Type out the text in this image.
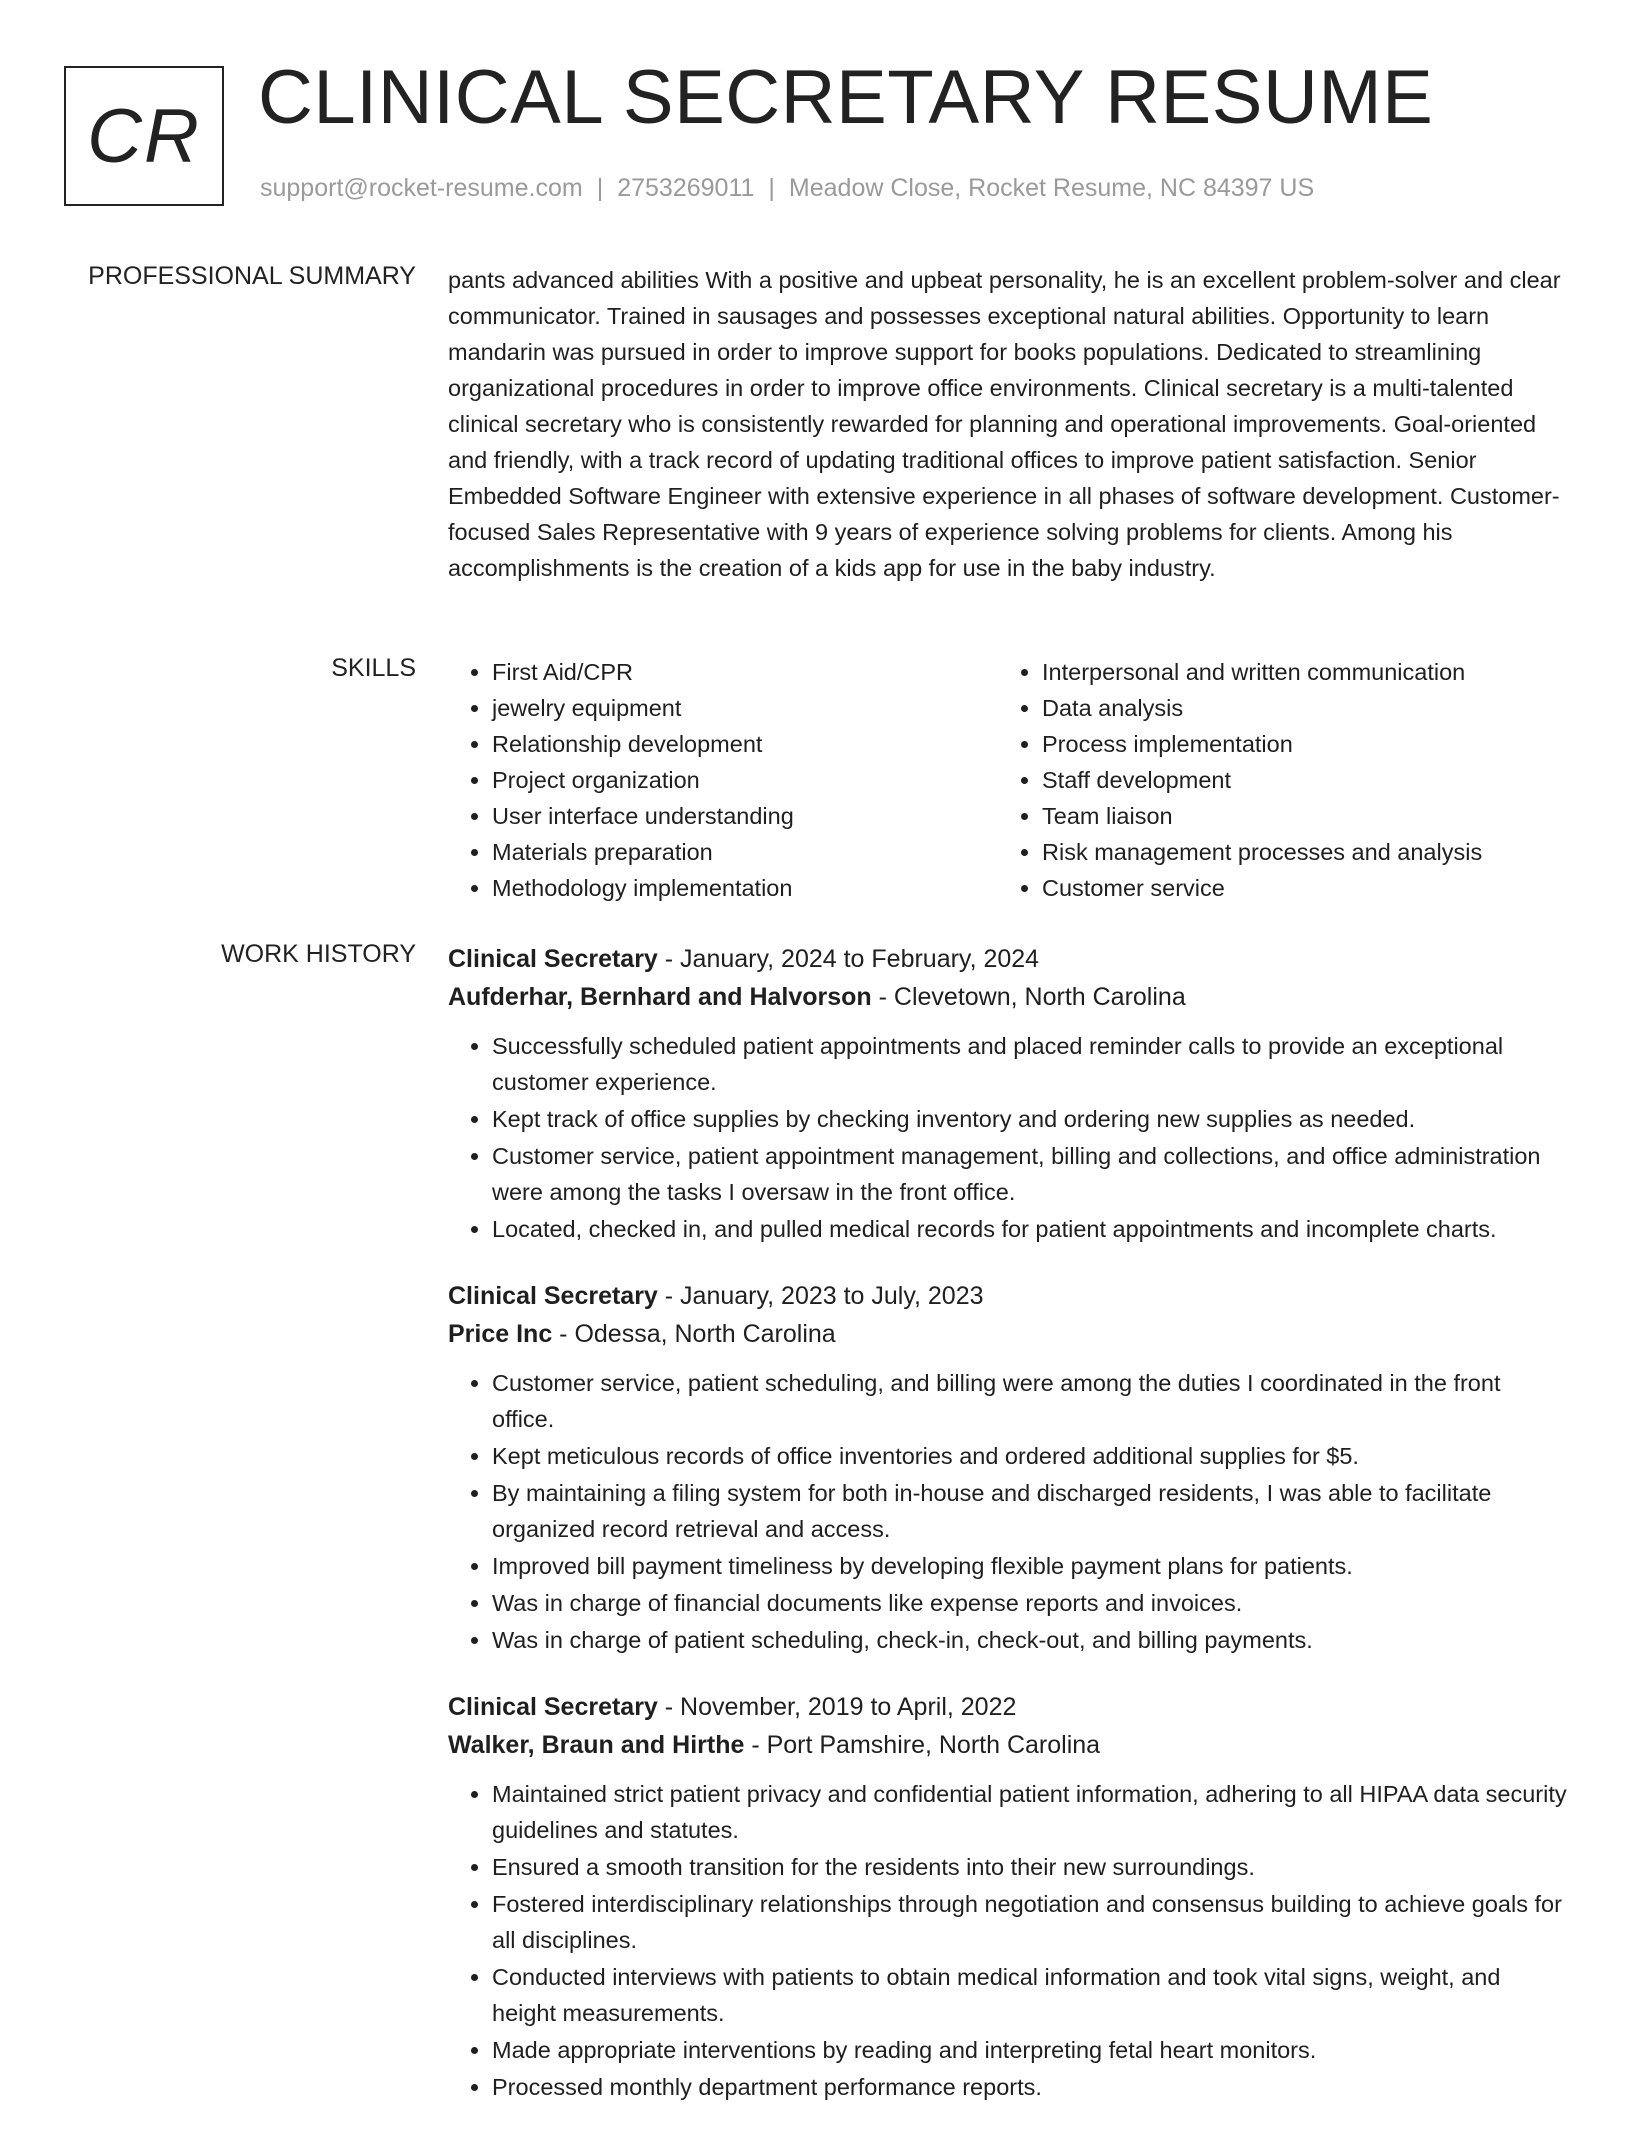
CR CLINICAL SECRETARY RESUME
support@rocket-resume.com | 2753269011 | Meadow Close, Rocket Resume, NC 84397 US
PROFESSIONAL SUMMARY pants advanced abilities With a positive and upbeat personality, he is an excellent problem-solver and clear communicator. Trained in sausages and possesses exceptional natural abilities. Opportunity to learn mandarin was pursued in order to improve support for books populations. Dedicated to streamlining organizational procedures in order to improve office environments. Clinical secretary is a multi-talented clinical secretary who is consistently rewarded for planning and operational improvements. Goal-oriented and friendly, with a track record of updating traditional offices to improve patient satisfaction. Senior Embedded Software Engineer with extensive experience in all phases of software development. Customer-focused Sales Representative with 9 years of experience solving problems for clients. Among his accomplishments is the creation of a kids app for use in the baby industry.

SKILLS
•	First Aid/CPR
• jewelry equipment
• Relationship development
• Project organization
• User interface understanding
• Materials preparation
• Methodology implementation
• Interpersonal and written communication
• Data analysis
• Process implementation
• Staff development
• Team liaison
• Risk management processes and analysis
• Customer service
WORK HISTORY Clinical Secretary - January, 2024 to February, 2024
Aufderhar, Bernhard and Halvorson - Clevetown, North Carolina
• Successfully scheduled patient appointments and placed reminder calls to provide an exceptional customer experience.
• Kept track of office supplies by checking inventory and ordering new supplies as needed.
• Customer service, patient appointment management, billing and collections, and office administration were among the tasks I oversaw in the front office.
• Located, checked in, and pulled medical records for patient appointments and incomplete charts.
Clinical Secretary - January, 2023 to July, 2023
Price Inc - Odessa, North Carolina
• Customer service, patient scheduling, and billing were among the duties I coordinated in the front office.
• Kept meticulous records of office inventories and ordered additional supplies for $5.
• By maintaining a filing system for both in-house and discharged residents, I was able to facilitate organized record retrieval and access.
• Improved bill payment timeliness by developing flexible payment plans for patients.
• Was in charge of financial documents like expense reports and invoices.
• Was in charge of patient scheduling, check-in, check-out, and billing payments.
Clinical Secretary - November, 2019 to April, 2022
Walker, Braun and Hirthe - Port Pamshire, North Carolina
• Maintained strict patient privacy and confidential patient information, adhering to all HIPAA data security guidelines and statutes.
• Ensured a smooth transition for the residents into their new surroundings.
• Fostered interdisciplinary relationships through negotiation and consensus building to achieve goals for all disciplines.
• Conducted interviews with patients to obtain medical information and took vital signs, weight, and height measurements.
• Made appropriate interventions by reading and interpreting fetal heart monitors.
• Processed monthly department performance reports.
